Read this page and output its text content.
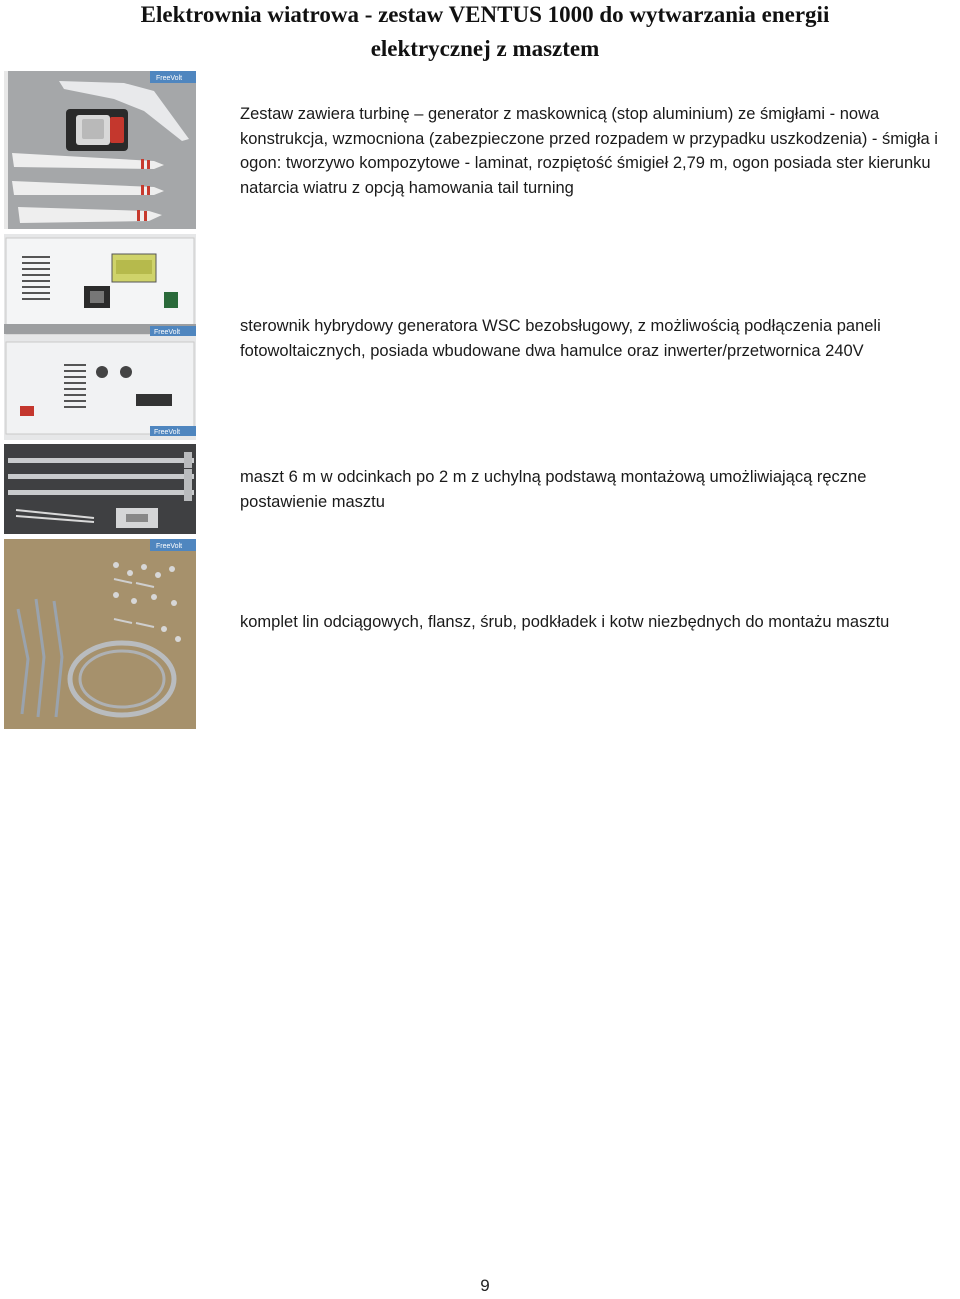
Elektrownia wiatrowa - zestaw VENTUS 1000 do wytwarzania energii
elektrycznej z masztem
FreeVolt
Zestaw zawiera turbinę – generator z maskownicą (stop aluminium) ze śmigłami - nowa konstrukcja, wzmocniona (zabezpieczone przed rozpadem w przypadku uszkodzenia) - śmigła i ogon: tworzywo kompozytowe - laminat, rozpiętość śmigieł 2,79 m, ogon posiada ster kierunku natarcia wiatru z opcją hamowania tail turning
FreeVolt
FreeVolt
sterownik hybrydowy generatora WSC bezobsługowy, z możliwością podłączenia paneli fotowoltaicznych, posiada wbudowane dwa hamulce oraz inwerter/przetwornica 240V
maszt 6 m w odcinkach po 2 m z uchylną podstawą montażową umożliwiającą ręczne postawienie masztu
FreeVolt
komplet lin odciągowych, flansz, śrub, podkładek i kotw niezbędnych do montażu masztu
9
